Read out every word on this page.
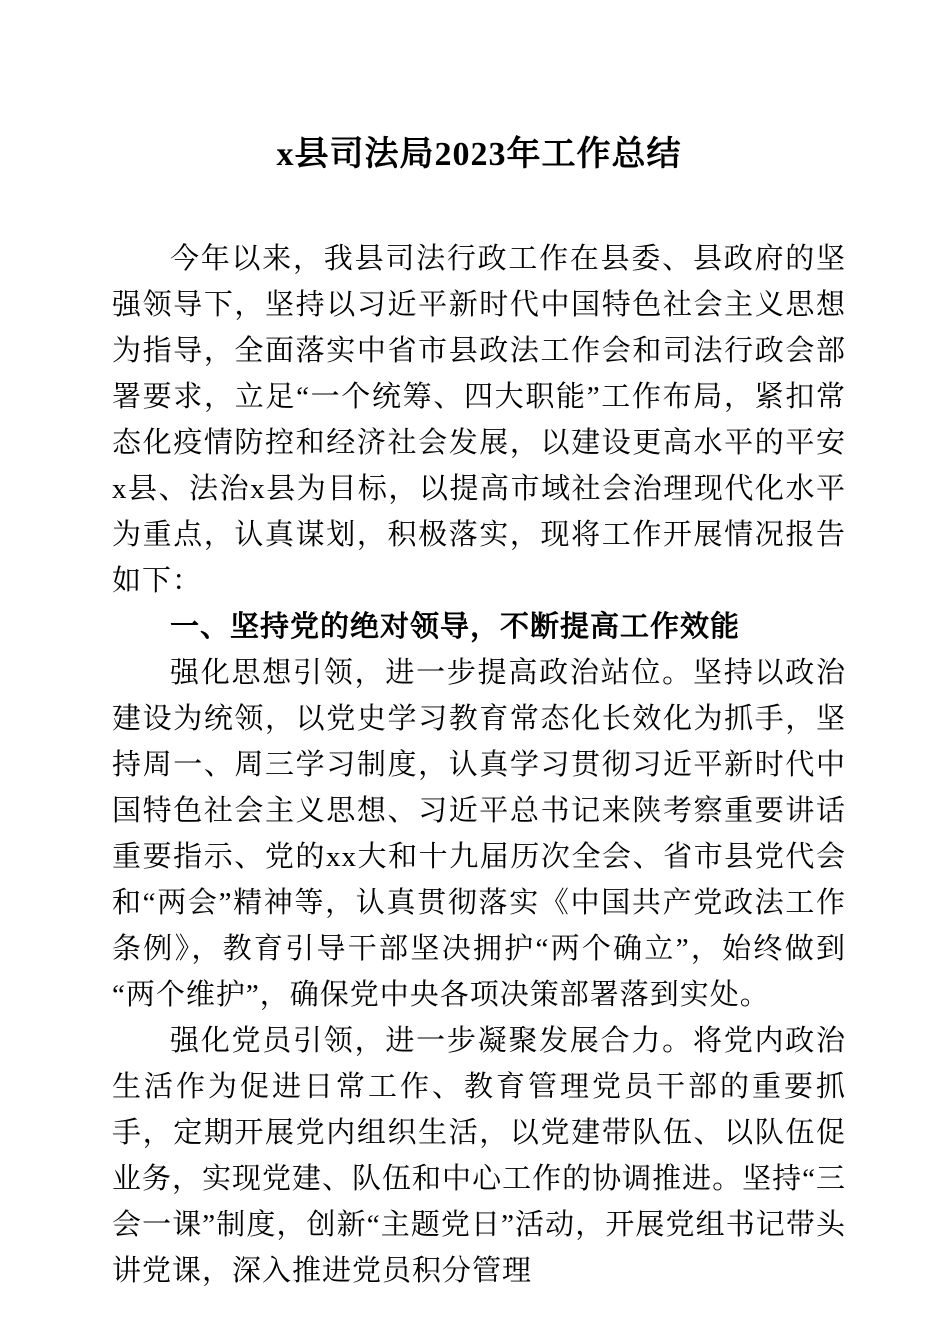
x县司法局2023年工作总结

今年以来，我县司法行政工作在县委、县政府的坚强领导下，坚持以习近平新时代中国特色社会主义思想为指导，全面落实中省市县政法工作会和司法行政会部署要求，立足“一个统筹、四大职能”工作布局，紧扣常态化疫情防控和经济社会发展，以建设更高水平的平安x县、法治x县为目标，以提高市域社会治理现代化水平为重点，认真谋划，积极落实，现将工作开展情况报告如下：

一、坚持党的绝对领导，不断提高工作效能

强化思想引领，进一步提高政治站位。坚持以政治建设为统领，以党史学习教育常态化长效化为抓手，坚持周一、周三学习制度，认真学习贯彻习近平新时代中国特色社会主义思想、习近平总书记来陕考察重要讲话重要指示、党的xx大和十九届历次全会、省市县党代会和“两会”精神等，认真贯彻落实《中国共产党政法工作条例》，教育引导干部坚决拥护“两个确立”，始终做到“两个维护”，确保党中央各项决策部署落到实处。

强化党员引领，进一步凝聚发展合力。将党内政治生活作为促进日常工作、教育管理党员干部的重要抓手，定期开展党内组织生活，以党建带队伍、以队伍促业务，实现党建、队伍和中心工作的协调推进。坚持“三会一课”制度，创新“主题党日”活动，开展党组书记带头讲党课，深入推进党员积分管理
